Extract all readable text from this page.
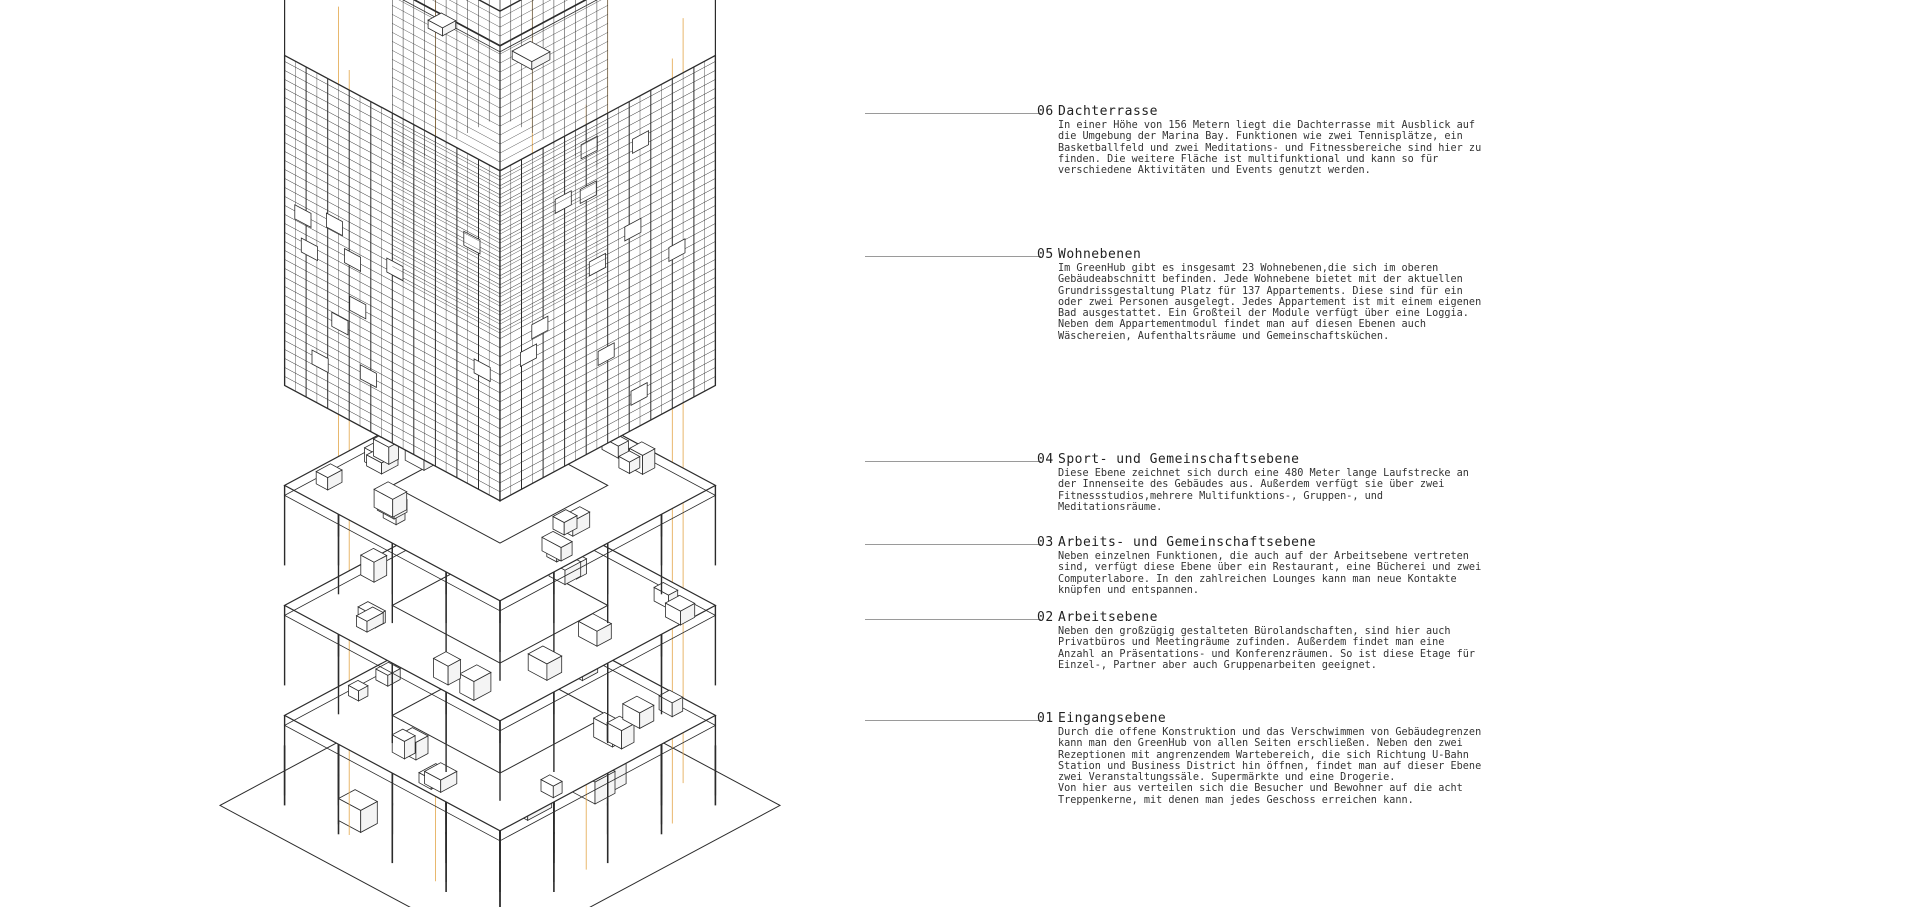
06 Dachterrasse
In einer Höhe von 156 Metern liegt die Dachterrasse mit Ausblick auf
die Umgebung der Marina Bay. Funktionen wie zwei Tennisplätze, ein
Basketballfeld und zwei Meditations- und Fitnessbereiche sind hier zu
finden. Die weitere Fläche ist multifunktional und kann so für
verschiedene Aktivitäten und Events genutzt werden.
05 Wohnebenen
Im GreenHub gibt es insgesamt 23 Wohnebenen,die sich im oberen
Gebäudeabschnitt befinden. Jede Wohnebene bietet mit der aktuellen
Grundrissgestaltung Platz für 137 Appartements. Diese sind für ein
oder zwei Personen ausgelegt. Jedes Appartement ist mit einem eigenen
Bad ausgestattet. Ein Großteil der Module verfügt über eine Loggia.
Neben dem Appartementmodul findet man auf diesen Ebenen auch
Wäschereien, Aufenthaltsräume und Gemeinschaftsküchen.
04 Sport- und Gemeinschaftsebene
Diese Ebene zeichnet sich durch eine 480 Meter lange Laufstrecke an
der Innenseite des Gebäudes aus. Außerdem verfügt sie über zwei
Fitnessstudios,mehrere Multifunktions-, Gruppen-, und
Meditationsräume.
03 Arbeits- und Gemeinschaftsebene
Neben einzelnen Funktionen, die auch auf der Arbeitsebene vertreten
sind, verfügt diese Ebene über ein Restaurant, eine Bücherei und zwei
Computerlabore. In den zahlreichen Lounges kann man neue Kontakte
knüpfen und entspannen.
02 Arbeitsebene
Neben den großzügig gestalteten Bürolandschaften, sind hier auch
Privatbüros und Meetingräume zufinden. Außerdem findet man eine
Anzahl an Präsentations- und Konferenzräumen. So ist diese Etage für
Einzel-, Partner aber auch Gruppenarbeiten geeignet.
01 Eingangsebene
Durch die offene Konstruktion und das Verschwimmen von Gebäudegrenzen
kann man den GreenHub von allen Seiten erschließen. Neben den zwei
Rezeptionen mit angrenzendem Wartebereich, die sich Richtung U-Bahn
Station und Business District hin öffnen, findet man auf dieser Ebene
zwei Veranstaltungssäle. Supermärkte und eine Drogerie.
Von hier aus verteilen sich die Besucher und Bewohner auf die acht
Treppenkerne, mit denen man jedes Geschoss erreichen kann.
